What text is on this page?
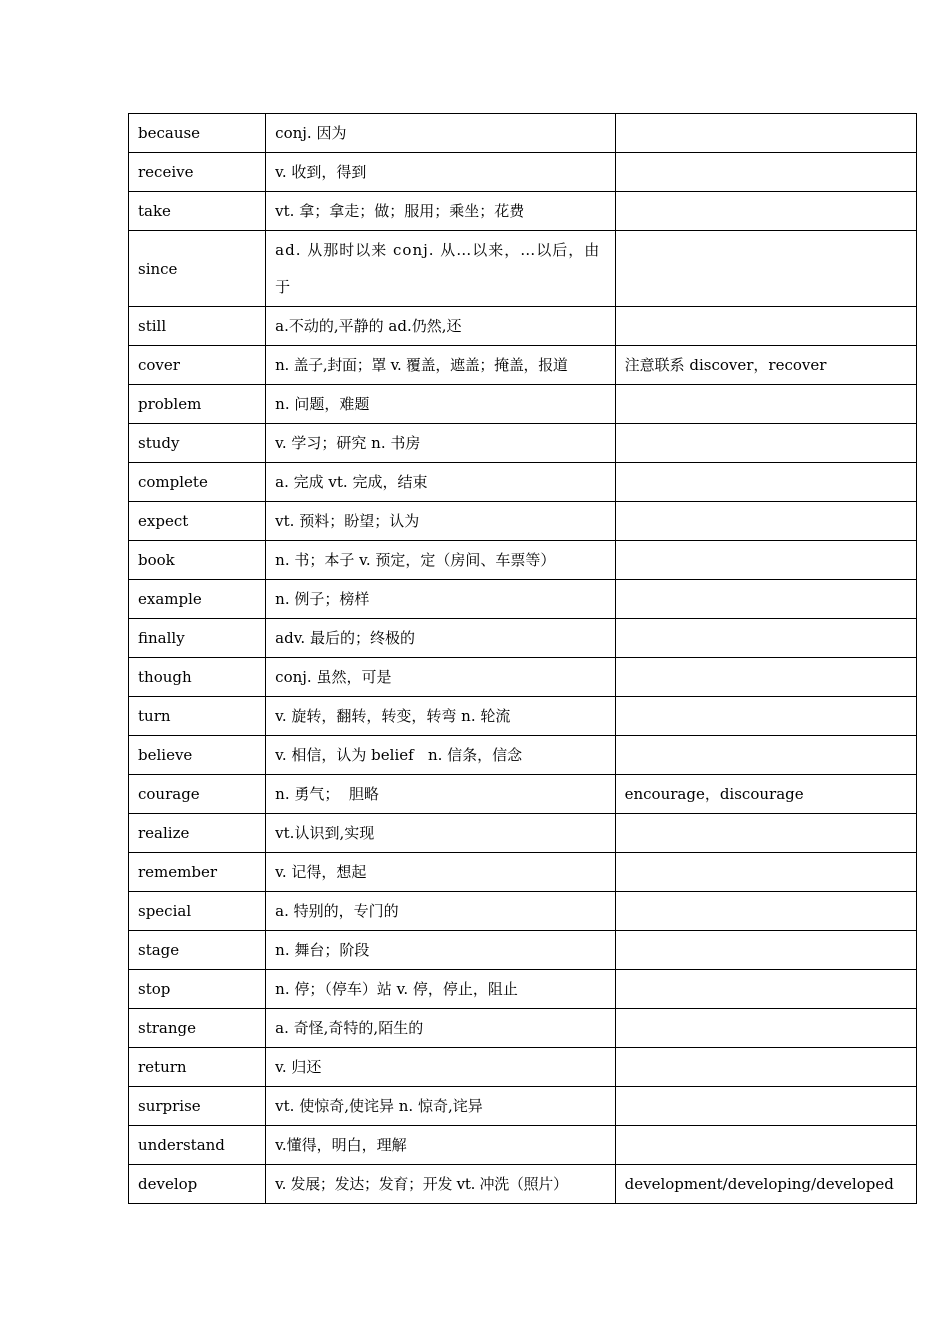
because	conj. 因为	
receive	v. 收到，得到	
take	vt. 拿；拿走；做；服用；乘坐；花费	
since	ad. 从那时以来 conj. 从…以来，…以后，由于	
still	a.不动的,平静的 ad.仍然,还	
cover	n. 盖子,封面；罩 v. 覆盖，遮盖；掩盖，报道	注意联系 discover，recover
problem	n. 问题，难题	
study	v. 学习；研究 n. 书房	
complete	a. 完成 vt. 完成，结束	
expect	vt. 预料；盼望；认为	
book	n. 书；本子 v. 预定，定（房间、车票等）	
example	n. 例子；榜样	
finally	adv. 最后的；终极的	
though	conj. 虽然，可是	
turn	v. 旋转，翻转，转变，转弯 n. 轮流	
believe	v. 相信，认为 belief   n. 信条，信念	
courage	n. 勇气；  胆略	encourage，discourage
realize	vt.认识到,实现	
remember	v. 记得，想起	
special	a. 特别的，专门的	
stage	n. 舞台；阶段	
stop	n. 停；（停车）站 v. 停，停止，阻止	
strange	a. 奇怪,奇特的,陌生的	
return	v. 归还	
surprise	vt. 使惊奇,使诧异 n. 惊奇,诧异	
understand	v.懂得，明白，理解	
develop	v. 发展；发达；发育；开发 vt. 冲洗（照片）	development/developing/developed
